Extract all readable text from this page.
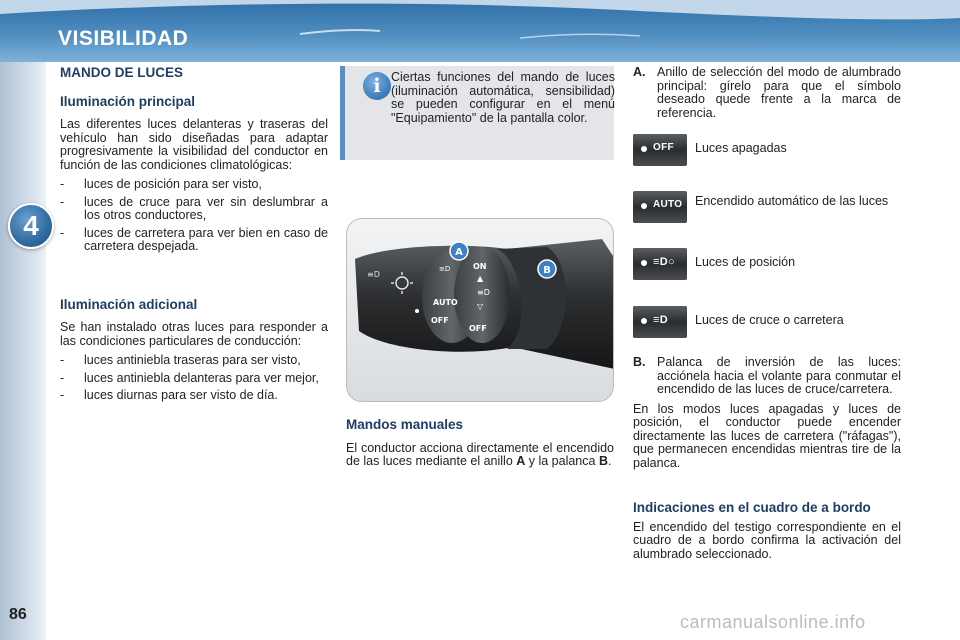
VISIBILIDAD
4
86
MANDO DE LUCES
Iluminación principal
Las diferentes luces delanteras y traseras del vehículo han sido diseñadas para adaptar progresivamente la visibilidad del conductor en función de las condiciones climatológicas:
- luces de posición para ser visto,
- luces de cruce para ver sin deslumbrar a los otros conductores,
- luces de carretera para ver bien en caso de carretera despejada.
Iluminación adicional
Se han instalado otras luces para responder a las condiciones particulares de conducción:
- luces antiniebla traseras para ser visto,
- luces antiniebla delanteras para ver mejor,
- luces diurnas para ser visto de día.
i Ciertas funciones del mando de luces (iluminación automática, sensibilidad) se pueden configurar en el menú "Equipamiento" de la pantalla color.
≡D
≡D
AUTO
OFF
ON
▲
≡D
▽
OFF
A
B
Mandos manuales
El conductor acciona directamente el encendido de las luces mediante el anillo A y la palanca B.
A. Anillo de selección del modo de alumbrado principal: gírelo para que el símbolo deseado quede frente a la marca de referencia.
OFF Luces apagadas
AUTO Encendido automático de las luces
≡D○ Luces de posición
≡D Luces de cruce o carretera
B. Palanca de inversión de las luces: acciónela hacia el volante para conmutar el encendido de las luces de cruce/carretera.
En los modos luces apagadas y luces de posición, el conductor puede encender directamente las luces de carretera ("ráfagas"), que permanecen encendidas mientras tire de la palanca.
Indicaciones en el cuadro de a bordo
El encendido del testigo correspondiente en el cuadro de a bordo confirma la activación del alumbrado seleccionado.
carmanualsonline.info
